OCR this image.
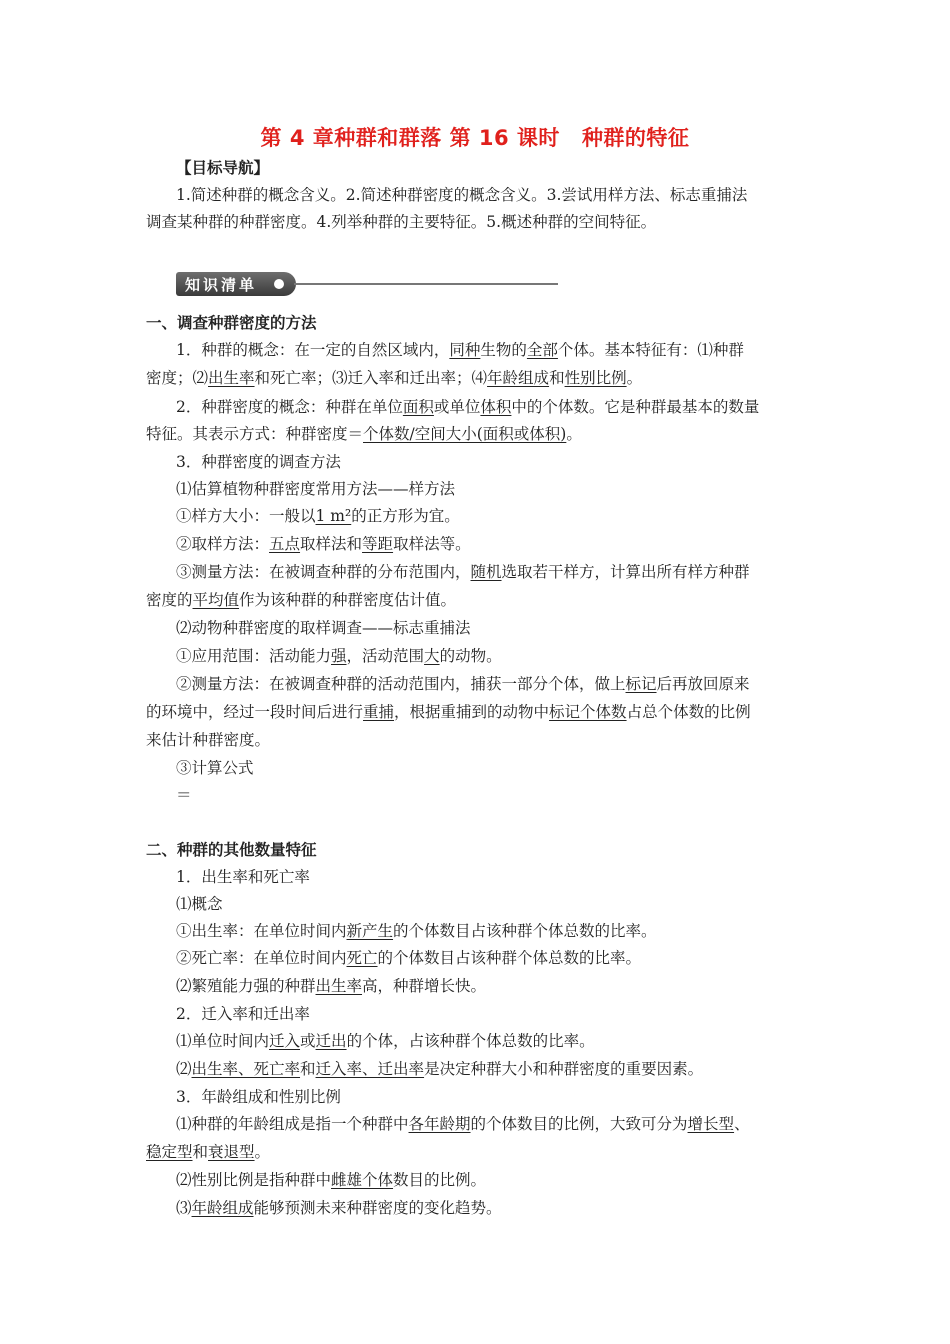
第 4 章种群和群落 第 16 课时 种群的特征
【目标导航】
1.简述种群的概念含义。2.简述种群密度的概念含义。3.尝试用样方法、标志重捕法
调查某种群的种群密度。4.列举种群的主要特征。5.概述种群的空间特征。
知识清单
一、调查种群密度的方法
1．种群的概念：在一定的自然区域内，同种生物的全部个体。基本特征有：⑴种群
密度；⑵出生率和死亡率；⑶迁入率和迁出率；⑷年龄组成和性别比例。
2．种群密度的概念：种群在单位面积或单位体积中的个体数。它是种群最基本的数量
特征。其表示方式：种群密度＝个体数/空间大小(面积或体积)。
3．种群密度的调查方法
⑴估算植物种群密度常用方法——样方法
①样方大小：一般以1 m²的正方形为宜。
②取样方法：五点取样法和等距取样法等。
③测量方法：在被调查种群的分布范围内，随机选取若干样方，计算出所有样方种群
密度的平均值作为该种群的种群密度估计值。
⑵动物种群密度的取样调查——标志重捕法
①应用范围：活动能力强，活动范围大的动物。
②测量方法：在被调查种群的活动范围内，捕获一部分个体，做上标记后再放回原来
的环境中，经过一段时间后进行重捕，根据重捕到的动物中标记个体数占总个体数的比例
来估计种群密度。
③计算公式
＝
二、种群的其他数量特征
1．出生率和死亡率
⑴概念
①出生率：在单位时间内新产生的个体数目占该种群个体总数的比率。
②死亡率：在单位时间内死亡的个体数目占该种群个体总数的比率。
⑵繁殖能力强的种群出生率高，种群增长快。
2．迁入率和迁出率
⑴单位时间内迁入或迁出的个体，占该种群个体总数的比率。
⑵出生率、死亡率和迁入率、迁出率是决定种群大小和种群密度的重要因素。
3．年龄组成和性别比例
⑴种群的年龄组成是指一个种群中各年龄期的个体数目的比例，大致可分为增长型、
稳定型和衰退型。
⑵性别比例是指种群中雌雄个体数目的比例。
⑶年龄组成能够预测未来种群密度的变化趋势。
